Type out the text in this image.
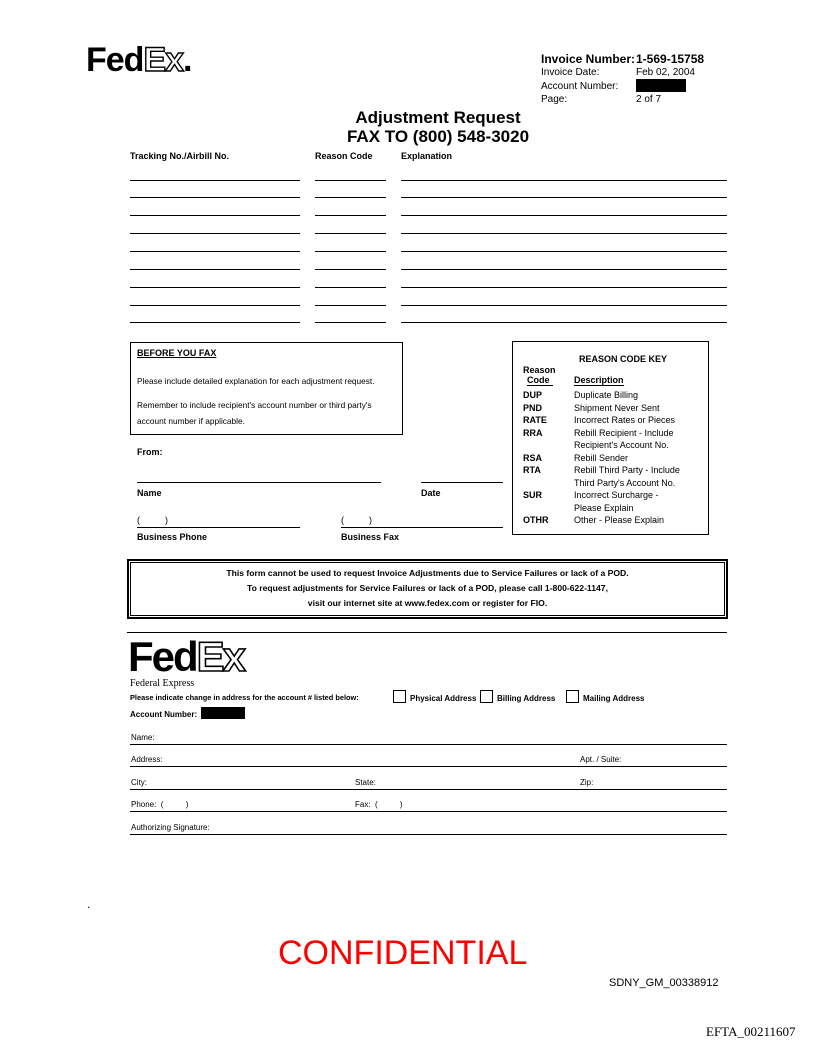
FedEx.	Invoice Number: 1-569-15758
Invoice Date:	Feb 02, 2004
Account Number:
Page:	2 of 7
Adjustment Request
FAX TO (800) 548-3020
Tracking No./Airbill No.	Reason Code	Explanation
BEFORE YOU FAX
Please include detailed explanation for each adjustment request.
Remember to include recipient's account number or third party's
account number if applicable.
From:
Name	Date
(          )	(          )
Business Phone	Business Fax
REASON CODE KEY
Reason
Code	Description
DUP	Duplicate Billing
PND	Shipment Never Sent
RATE	Incorrect Rates or Pieces
RRA	Rebill Recipient - Include
Recipient's Account No.
RSA	Rebill Sender
RTA	Rebill Third Party - Include
Third Party's Account No.
SUR	Incorrect Surcharge -
Please Explain
OTHR	Other - Please Explain
This form cannot be used to request Invoice Adjustments due to Service Failures or lack of a POD.
To request adjustments for Service Failures or lack of a POD, please call 1-800-622-1147,
visit our internet site at www.fedex.com or register for FIO.
FedEx
Federal Express
Please indicate change in address for the account # listed below:	Physical Address	Billing Address	Mailing Address
Account Number:
Name:
Address:	Apt. / Suite:
City:	State:	Zip:
Phone:  (          )	Fax:  (          )
Authorizing Signature:
.
CONFIDENTIAL
SDNY_GM_00338912
EFTA_00211607
